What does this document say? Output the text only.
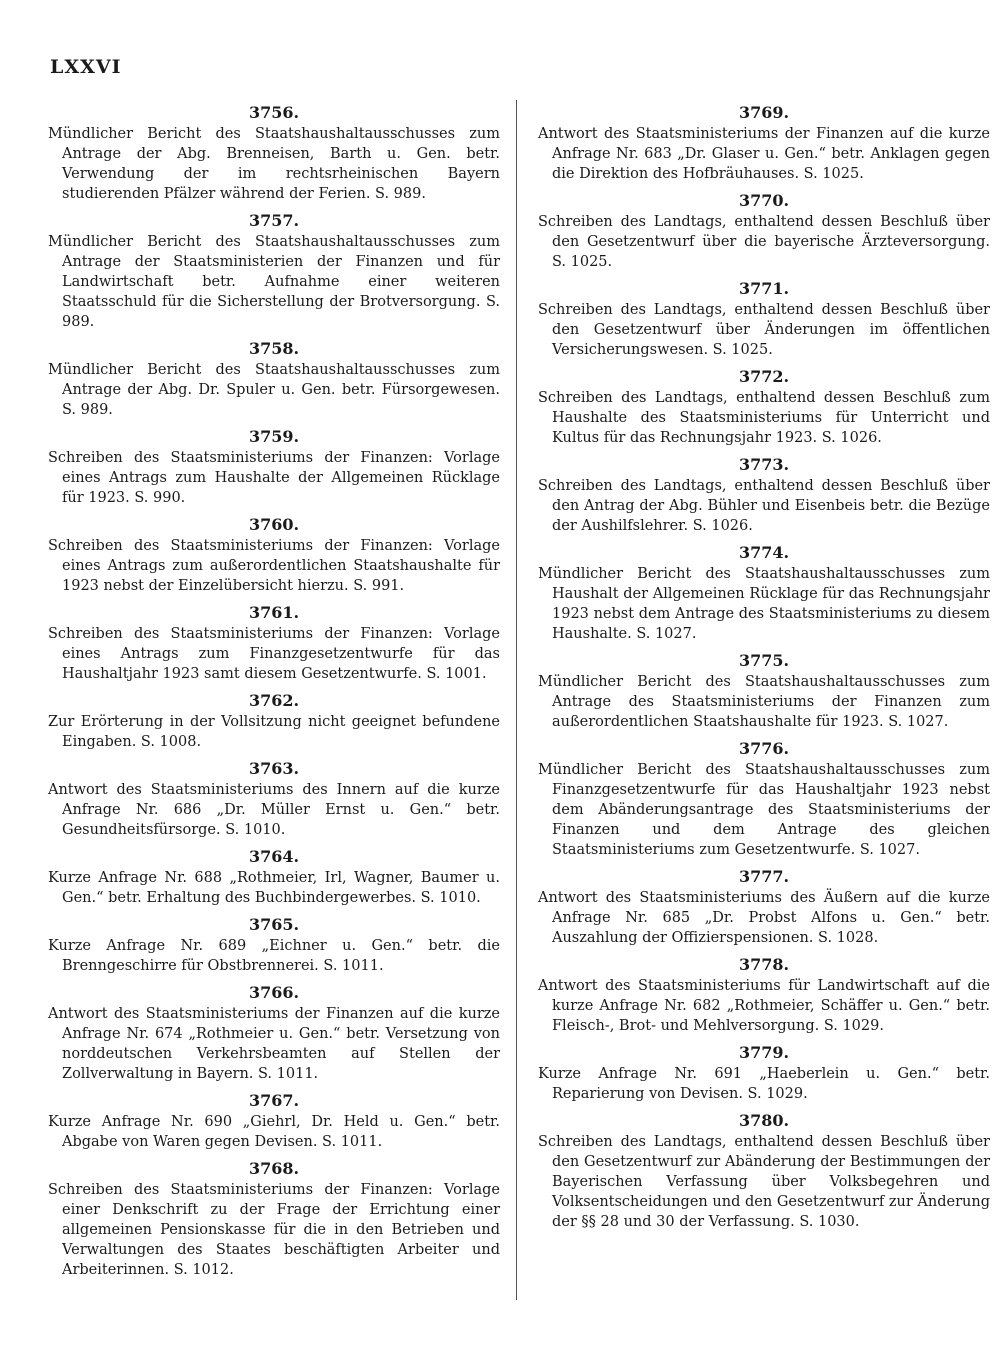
LXXVI
3756.
Mündlicher Bericht des Staatshaushaltausschusses zum Antrage der Abg. Brenneisen, Barth u. Gen. betr. Verwendung der im rechtsrheinischen Bayern studierenden Pfälzer während der Ferien. S. 989.
3757.
Mündlicher Bericht des Staatshaushaltausschusses zum Antrage der Staatsministerien der Finanzen und für Landwirtschaft betr. Aufnahme einer weiteren Staatsschuld für die Sicherstellung der Brotversorgung. S. 989.
3758.
Mündlicher Bericht des Staatshaushaltausschusses zum Antrage der Abg. Dr. Spuler u. Gen. betr. Fürsorgewesen. S. 989.
3759.
Schreiben des Staatsministeriums der Finanzen: Vorlage eines Antrags zum Haushalte der Allgemeinen Rücklage für 1923. S. 990.
3760.
Schreiben des Staatsministeriums der Finanzen: Vorlage eines Antrags zum außerordentlichen Staatshaushalte für 1923 nebst der Einzelübersicht hierzu. S. 991.
3761.
Schreiben des Staatsministeriums der Finanzen: Vorlage eines Antrags zum Finanzgesetzentwurfe für das Haushaltjahr 1923 samt diesem Gesetzentwurfe. S. 1001.
3762.
Zur Erörterung in der Vollsitzung nicht geeignet befundene Eingaben. S. 1008.
3763.
Antwort des Staatsministeriums des Innern auf die kurze Anfrage Nr. 686 „Dr. Müller Ernst u. Gen.“ betr. Gesundheitsfürsorge. S. 1010.
3764.
Kurze Anfrage Nr. 688 „Rothmeier, Irl, Wagner, Baumer u. Gen.“ betr. Erhaltung des Buchbindergewerbes. S. 1010.
3765.
Kurze Anfrage Nr. 689 „Eichner u. Gen.“ betr. die Brenngeschirre für Obstbrennerei. S. 1011.
3766.
Antwort des Staatsministeriums der Finanzen auf die kurze Anfrage Nr. 674 „Rothmeier u. Gen.“ betr. Versetzung von norddeutschen Verkehrsbeamten auf Stellen der Zollverwaltung in Bayern. S. 1011.
3767.
Kurze Anfrage Nr. 690 „Giehrl, Dr. Held u. Gen.“ betr. Abgabe von Waren gegen Devisen. S. 1011.
3768.
Schreiben des Staatsministeriums der Finanzen: Vorlage einer Denkschrift zu der Frage der Errichtung einer allgemeinen Pensionskasse für die in den Betrieben und Verwaltungen des Staates beschäftigten Arbeiter und Arbeiterinnen. S. 1012.
3769.
Antwort des Staatsministeriums der Finanzen auf die kurze Anfrage Nr. 683 „Dr. Glaser u. Gen.“ betr. Anklagen gegen die Direktion des Hofbräuhauses. S. 1025.
3770.
Schreiben des Landtags, enthaltend dessen Beschluß über den Gesetzentwurf über die bayerische Ärzteversorgung. S. 1025.
3771.
Schreiben des Landtags, enthaltend dessen Beschluß über den Gesetzentwurf über Änderungen im öffentlichen Versicherungswesen. S. 1025.
3772.
Schreiben des Landtags, enthaltend dessen Beschluß zum Haushalte des Staatsministeriums für Unterricht und Kultus für das Rechnungsjahr 1923. S. 1026.
3773.
Schreiben des Landtags, enthaltend dessen Beschluß über den Antrag der Abg. Bühler und Eisenbeis betr. die Bezüge der Aushilfslehrer. S. 1026.
3774.
Mündlicher Bericht des Staatshaushaltausschusses zum Haushalt der Allgemeinen Rücklage für das Rechnungsjahr 1923 nebst dem Antrage des Staatsministeriums zu diesem Haushalte. S. 1027.
3775.
Mündlicher Bericht des Staatshaushaltausschusses zum Antrage des Staatsministeriums der Finanzen zum außerordentlichen Staatshaushalte für 1923. S. 1027.
3776.
Mündlicher Bericht des Staatshaushaltausschusses zum Finanzgesetzentwurfe für das Haushaltjahr 1923 nebst dem Abänderungsantrage des Staatsministeriums der Finanzen und dem Antrage des gleichen Staatsministeriums zum Gesetzentwurfe. S. 1027.
3777.
Antwort des Staatsministeriums des Äußern auf die kurze Anfrage Nr. 685 „Dr. Probst Alfons u. Gen.“ betr. Auszahlung der Offizierspensionen. S. 1028.
3778.
Antwort des Staatsministeriums für Landwirtschaft auf die kurze Anfrage Nr. 682 „Rothmeier, Schäffer u. Gen.“ betr. Fleisch-, Brot- und Mehlversorgung. S. 1029.
3779.
Kurze Anfrage Nr. 691 „Haeberlein u. Gen.“ betr. Reparierung von Devisen. S. 1029.
3780.
Schreiben des Landtags, enthaltend dessen Beschluß über den Gesetzentwurf zur Abänderung der Bestimmungen der Bayerischen Verfassung über Volksbegehren und Volksentscheidungen und den Gesetzentwurf zur Änderung der §§ 28 und 30 der Verfassung. S. 1030.
